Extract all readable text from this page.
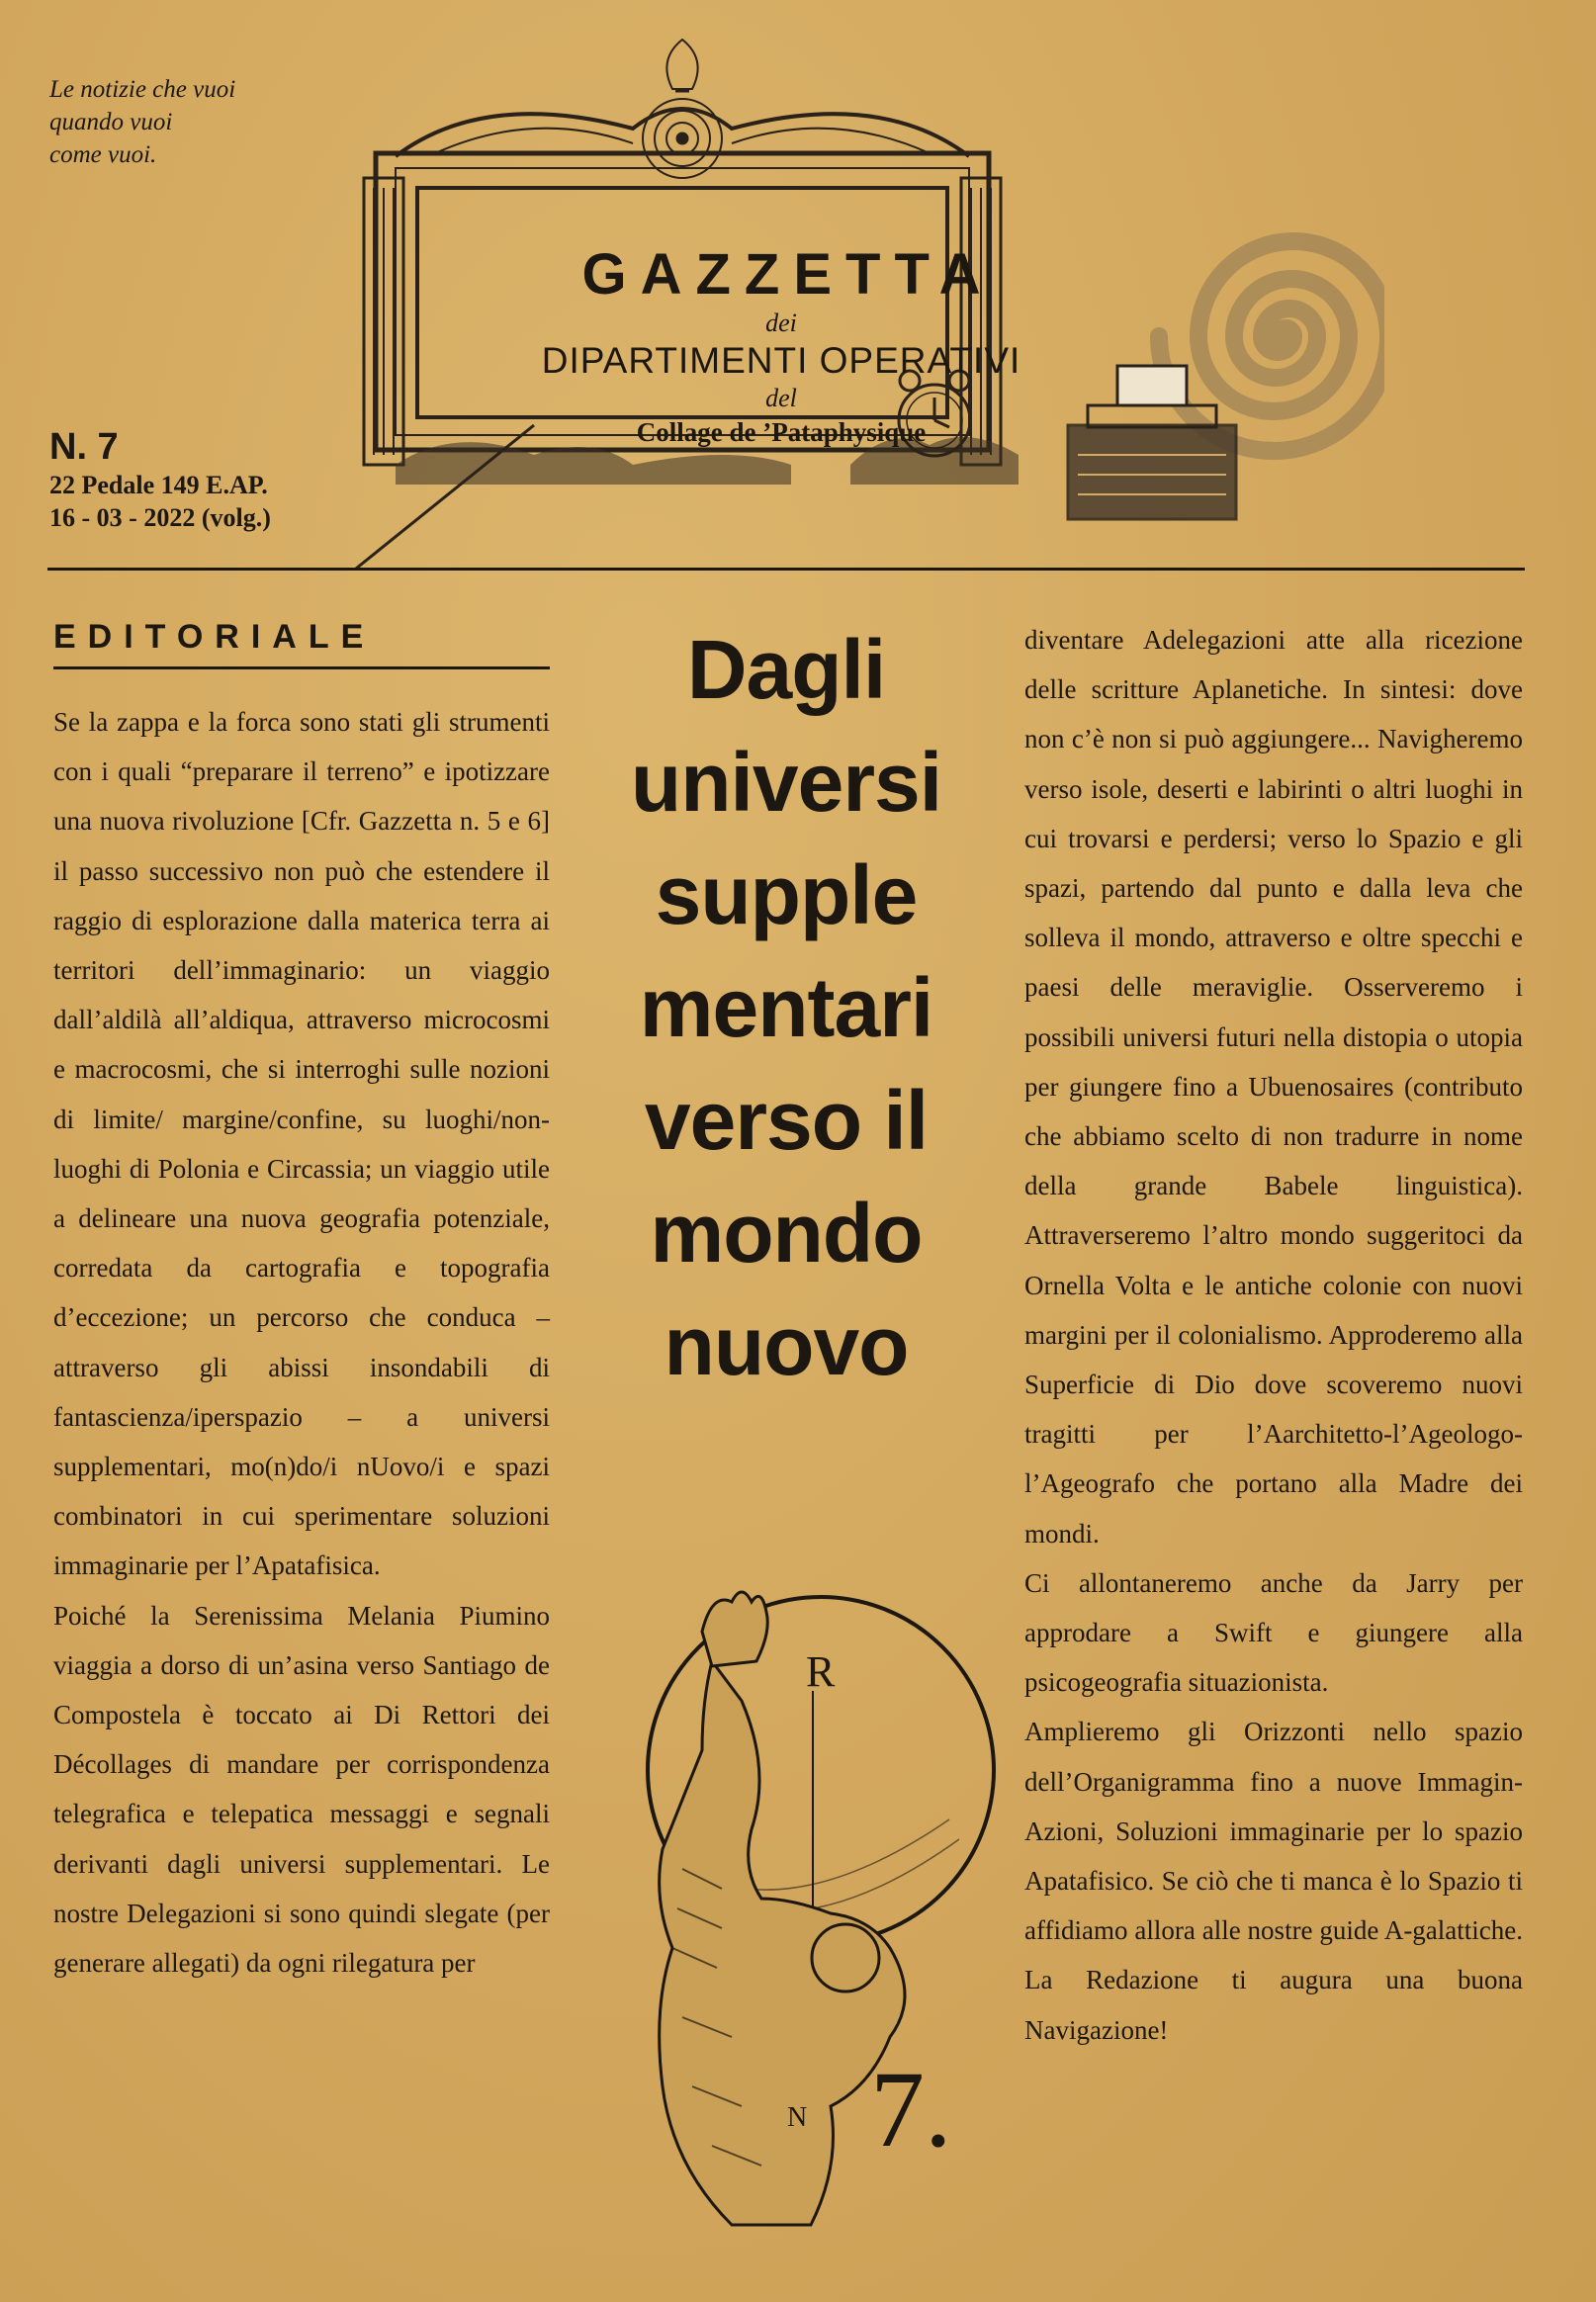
Le notizie che vuoi
quando vuoi
come vuoi.
GAZZETTA
dei
DIPARTIMENTI OPERATIVI
del
Collage de ’Pataphysique
N. 7
22 Pedale 149 E.AP.
16 - 03 - 2022 (volg.)
EDITORIALE

Se la zappa e la forca sono stati gli strumenti con i quali “preparare il terreno” e ipotizzare una nuova rivoluzione [Cfr. Gazzetta n. 5 e 6] il passo successivo non può che estendere il raggio di esplorazione dalla materica terra ai territori dell’immaginario: un viaggio dall’aldilà all’aldiqua, attraverso microcosmi e macrocosmi, che si interroghi sulle nozioni di limite/ margine/confine, su luoghi/non-luoghi di Polonia e Circassia; un viaggio utile a delineare una nuova geografia potenziale, corredata da cartografia e topografia d’eccezione; un percorso che conduca – attraverso gli abissi insondabili di fantascienza/iperspazio – a universi supplementari, mo(n)do/i nUovo/i e spazi combinatori in cui sperimentare soluzioni immaginarie per l’Apatafisica.

Poiché la Serenissima Melania Piumino viaggia a dorso di un’asina verso Santiago de Compostela è toccato ai Di Rettori dei Décollages di mandare per corrispondenza telegrafica e telepatica messaggi e segnali derivanti dagli universi supplementari. Le nostre Delegazioni si sono quindi slegate (per generare allegati) da ogni rilegatura per

Dagli
universi
supple
mentari
verso il
mondo
nuovo
R
N 7.

diventare Adelegazioni atte alla ricezione delle scritture Aplanetiche. In sintesi: dove non c’è non si può aggiungere... Navigheremo verso isole, deserti e labirinti o altri luoghi in cui trovarsi e perdersi; verso lo Spazio e gli spazi, partendo dal punto e dalla leva che solleva il mondo, attraverso e oltre specchi e paesi delle meraviglie. Osserveremo i possibili universi futuri nella distopia o utopia per giungere fino a Ubuenosaires (contributo che abbiamo scelto di non tradurre in nome della grande Babele linguistica). Attraverseremo l’altro mondo suggeritoci da Ornella Volta e le antiche colonie con nuovi margini per il colonialismo. Approderemo alla Superficie di Dio dove scoveremo nuovi tragitti per l’Aarchitetto-l’Ageologo-l’Ageografo che portano alla Madre dei mondi.

Ci allontaneremo anche da Jarry per approdare a Swift e giungere alla psicogeografia situazionista.

Amplieremo gli Orizzonti nello spazio dell’Organigramma fino a nuove Immagin-Azioni, Soluzioni immaginarie per lo spazio Apatafisico. Se ciò che ti manca è lo Spazio ti affidiamo allora alle nostre guide A-galattiche. La Redazione ti augura una buona Navigazione!
